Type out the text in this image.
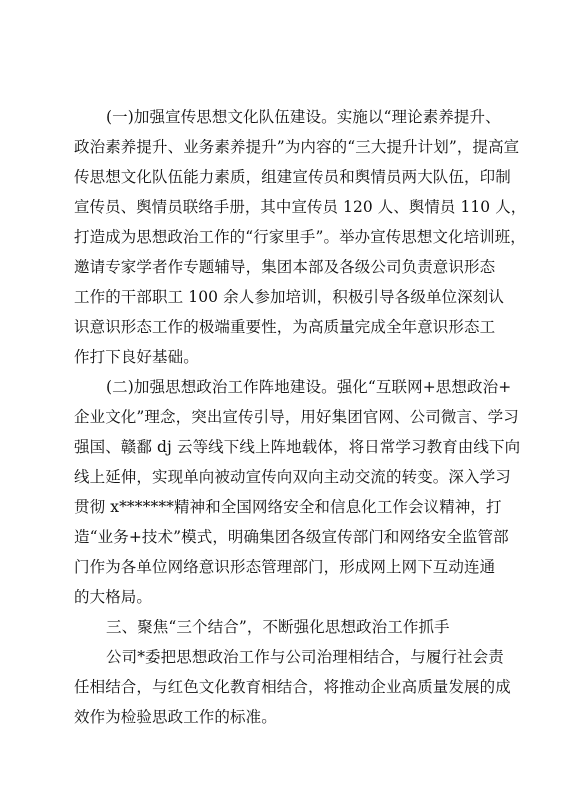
(一)加强宣传思想文化队伍建设。实施以“理论素养提升、
政治素养提升、业务素养提升”为内容的“三大提升计划”，提高宣
传思想文化队伍能力素质，组建宣传员和舆情员两大队伍，印制
宣传员、舆情员联络手册，其中宣传员 120 人、舆情员 110 人，
打造成为思想政治工作的“行家里手”。举办宣传思想文化培训班，
邀请专家学者作专题辅导，集团本部及各级公司负责意识形态
工作的干部职工 100 余人参加培训，积极引导各级单位深刻认
识意识形态工作的极端重要性，为高质量完成全年意识形态工
作打下良好基础。
(二)加强思想政治工作阵地建设。强化“互联网+思想政治+
企业文化”理念，突出宣传引导，用好集团官网、公司微言、学习
强国、赣鄱 dj 云等线下线上阵地载体，将日常学习教育由线下向
线上延伸，实现单向被动宣传向双向主动交流的转变。深入学习
贯彻 x*******精神和全国网络安全和信息化工作会议精神，打
造“业务+技术”模式，明确集团各级宣传部门和网络安全监管部
门作为各单位网络意识形态管理部门，形成网上网下互动连通
的大格局。
三、聚焦“三个结合”，不断强化思想政治工作抓手
公司*委把思想政治工作与公司治理相结合，与履行社会责
任相结合，与红色文化教育相结合，将推动企业高质量发展的成
效作为检验思政工作的标准。
